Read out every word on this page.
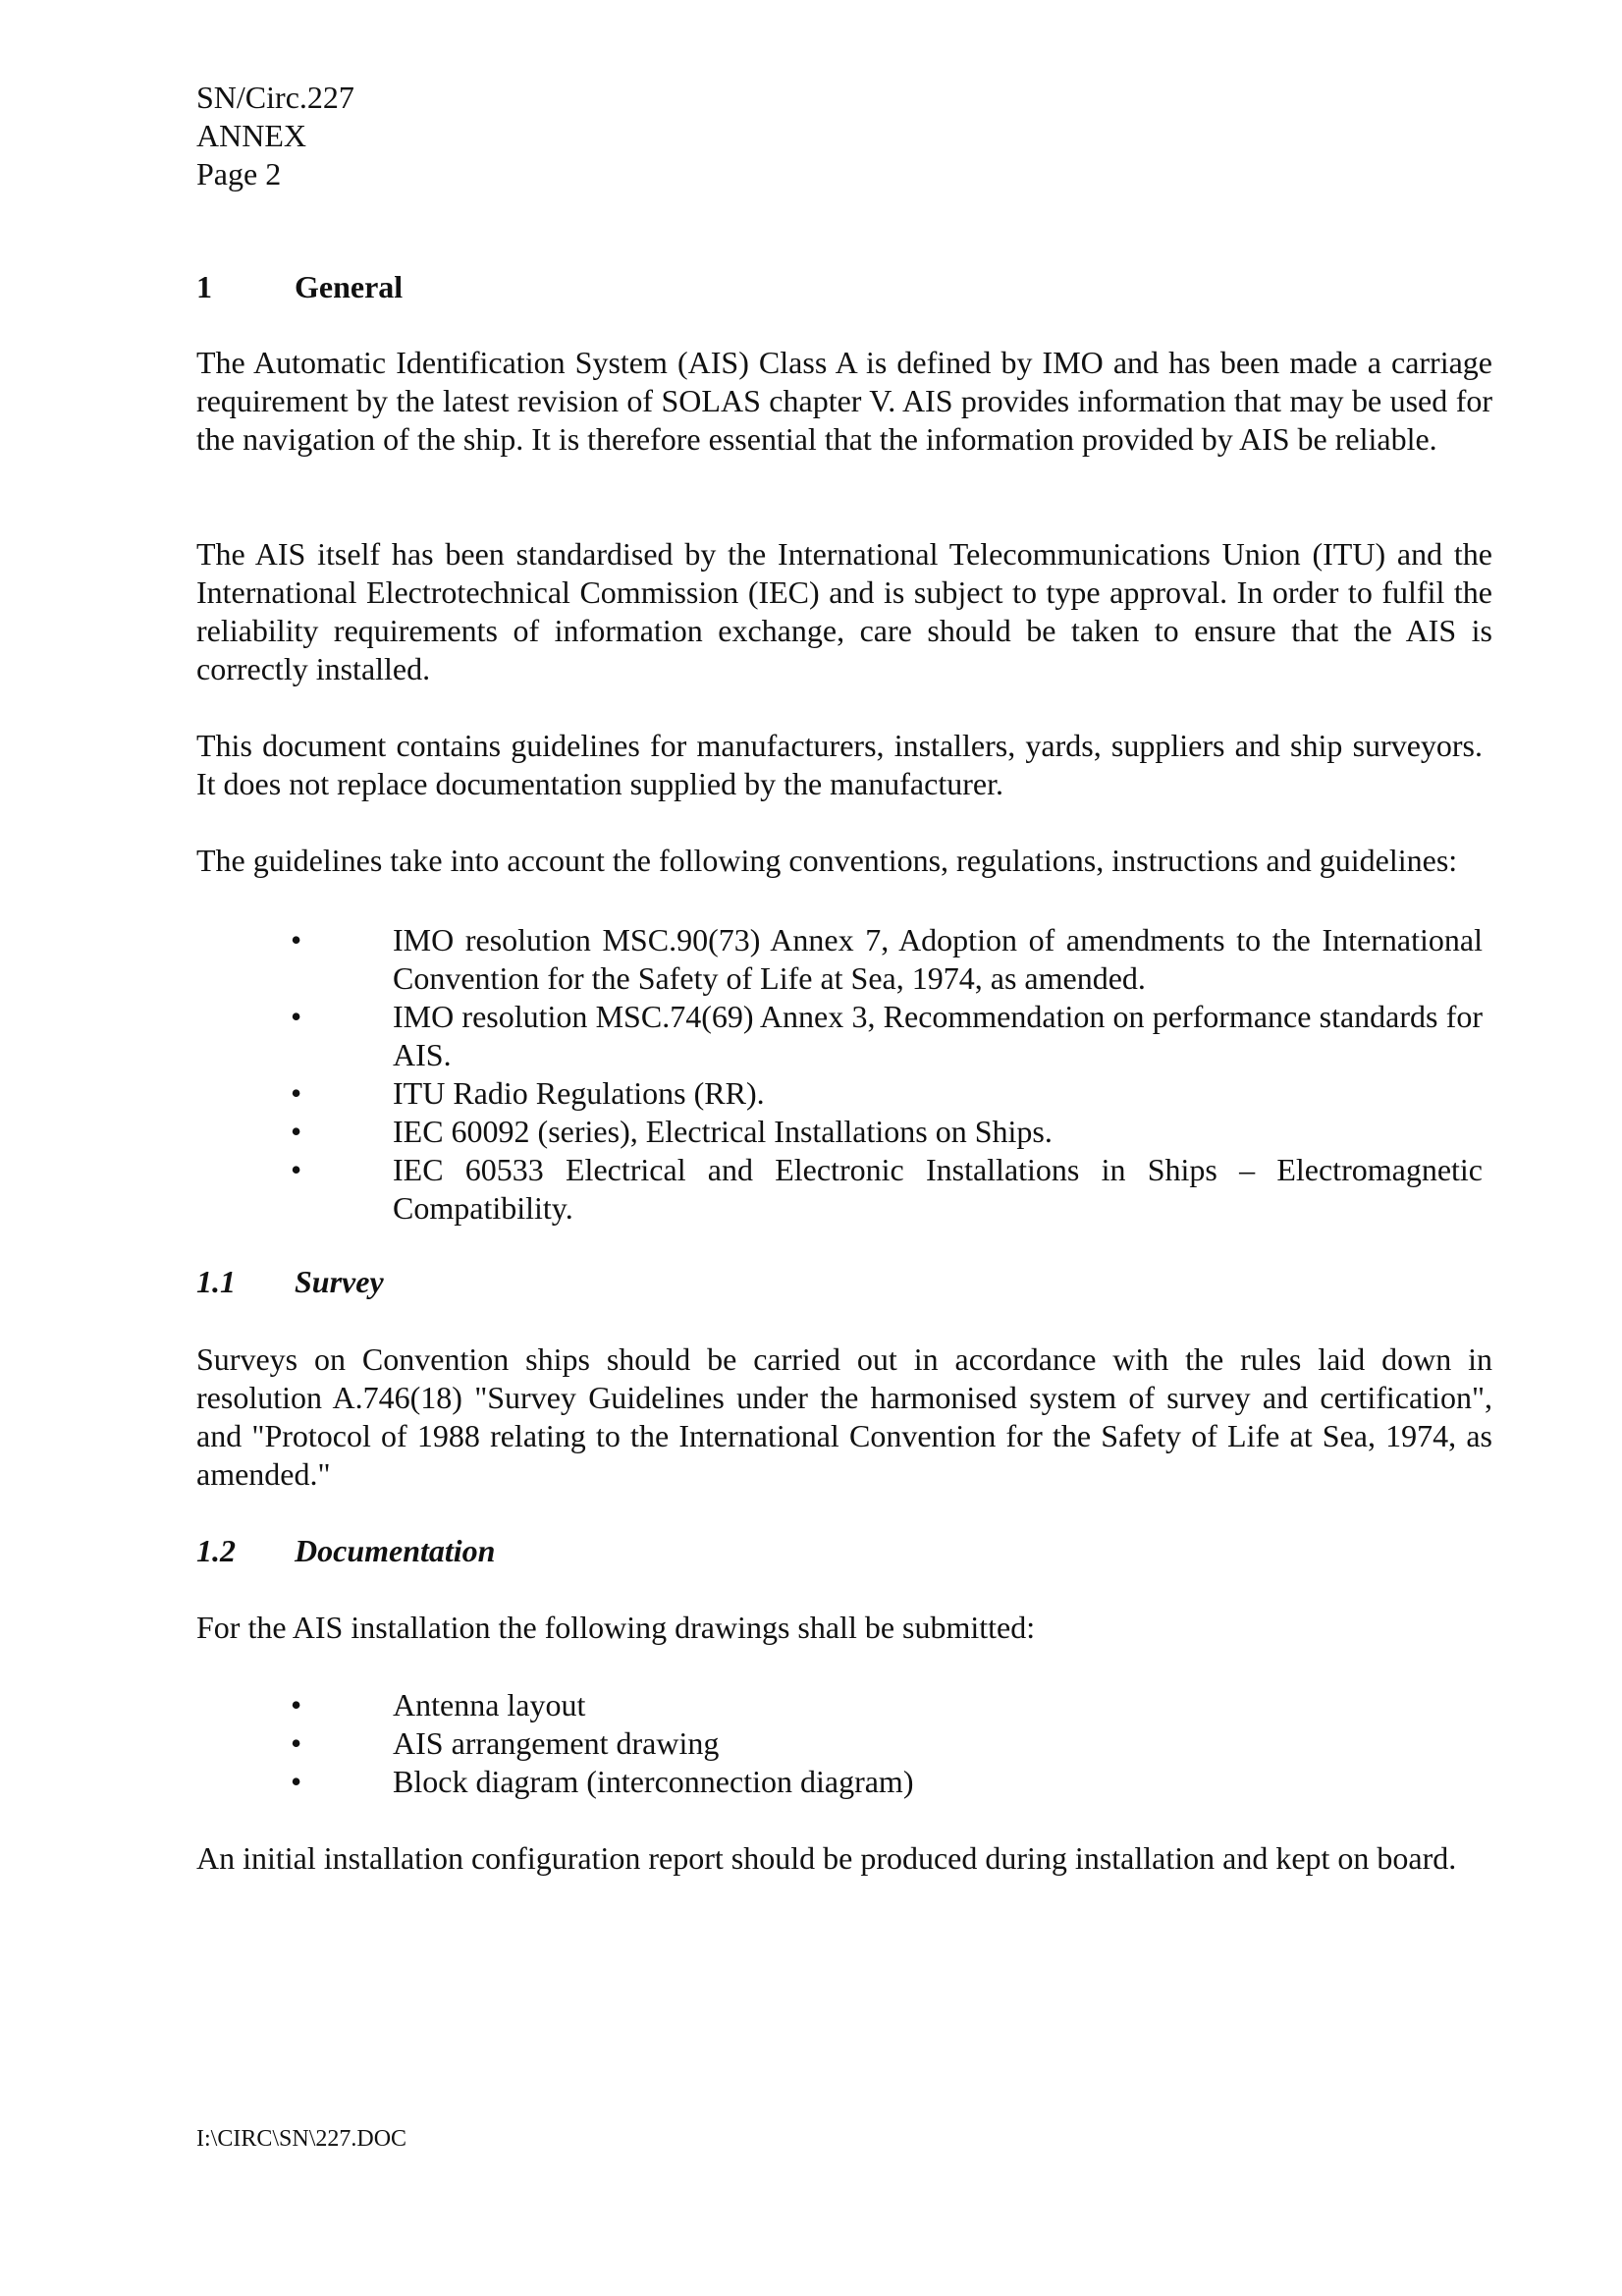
SN/Circ.227
ANNEX
Page 2
1	General

The Automatic Identification System (AIS) Class A is defined by IMO and has been made a carriage requirement by the latest revision of SOLAS chapter V. AIS provides information that may be used for the navigation of the ship. It is therefore essential that the information provided by AIS be reliable.

The AIS itself has been standardised by the International Telecommunications Union (ITU) and the International Electrotechnical Commission (IEC) and is subject to type approval. In order to fulfil the reliability requirements of information exchange, care should be taken to ensure that the AIS is correctly installed.

This document contains guidelines for manufacturers, installers, yards, suppliers and ship surveyors. It does not replace documentation supplied by the manufacturer.

The guidelines take into account the following conventions, regulations, instructions and guidelines:

•	IMO resolution MSC.90(73) Annex 7, Adoption of amendments to the International Convention for the Safety of Life at Sea, 1974, as amended.
•	IMO resolution MSC.74(69) Annex 3, Recommendation on performance standards for AIS.
•	ITU Radio Regulations (RR).
•	IEC 60092 (series), Electrical Installations on Ships.
•	IEC 60533 Electrical and Electronic Installations in Ships – Electromagnetic Compatibility.
1.1 Survey

Surveys on Convention ships should be carried out in accordance with the rules laid down in resolution A.746(18) "Survey Guidelines under the harmonised system of survey and certification", and "Protocol of 1988 relating to the International Convention for the Safety of Life at Sea, 1974, as amended."

1.2 Documentation

For the AIS installation the following drawings shall be submitted:

•	Antenna layout
•	AIS arrangement drawing
•	Block diagram (interconnection diagram)

An initial installation configuration report should be produced during installation and kept on board.

I:\CIRC\SN\227.DOC
